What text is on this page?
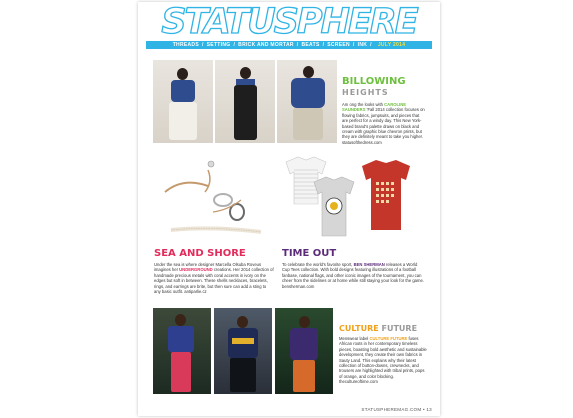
STATUSPHERE
THREADS / SETTING / BRICK AND MORTAR / BEATS / SCREEN / INK / JULY 2014
BILLOWING
HEIGHTS
Am ong the looks with CAROLINE SAUNDERS 'Fall 2014 collection focuses on flowing fabrics, jumpsuits, and pieces that are perfect for a windy day. This New York-based brand's palette draws on black and cream with graphic blue chevron prints, but they are definitely meant to take you higher. statusofthedress.com
SEA AND SHORE
Under the sea is where designer Marcella Olsuba Roveus imagines her UNDERGROUND creations. Her 2014 collection of handmade precious metals with coral accents in ivory on the edges but soft in between. These shells necklaces, bracelets, rings, and earrings are brite, but then sure can add a sting to any basic outfit. antiparlie.cz
TIME OUT
To celebrate the world's favorite sport, BEN SHERMAN releases a World Cup Tees collection. With bold designs featuring illustrations of a football fanbase, national flags, and other iconic images of the tournament, you can cheer from the sidelines or at home while still staying your look for the game. bensherman.com
CULTURE FUTURE
Menswear label CULTURE FUTURE fuses African roots in her contemporary timeless pieces, boasting bold aesthetic and sustainable development, they create their own fabrics in Sauty Land. This explains why their latest collection of button-downs, crewnecks, and trousers are highlighted with tribal prints, pops of orange, and color blocking. thecultureoftime.com
STATUSPHEREMAG.COM • 13
